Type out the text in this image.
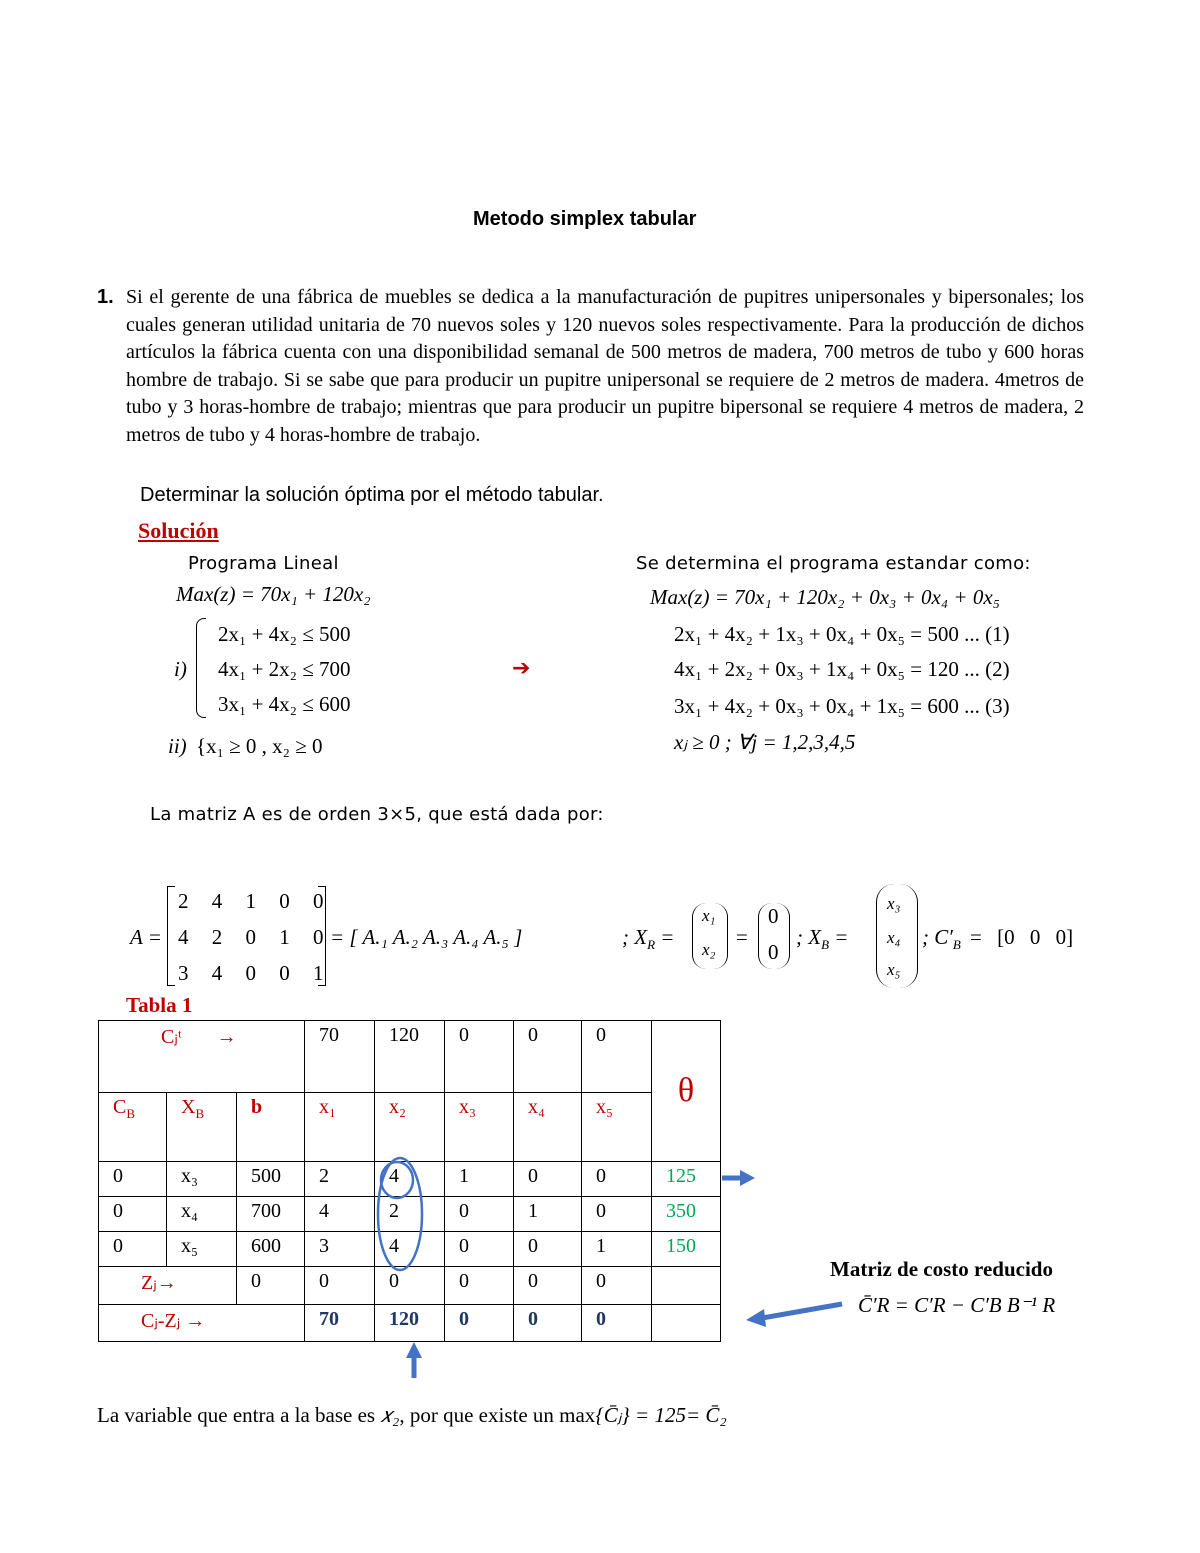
Metodo simplex tabular
1. Si el gerente de una fábrica de muebles se dedica a la manufacturación de pupitres unipersonales y bipersonales; los cuales generan utilidad unitaria de 70 nuevos soles y 120 nuevos soles respectivamente. Para la producción de dichos artículos la fábrica cuenta con una disponibilidad semanal de 500 metros de madera, 700 metros de tubo y 600 horas hombre de trabajo. Si se sabe que para producir un pupitre unipersonal se requiere de 2 metros de madera. 4metros de tubo y 3 horas-hombre de trabajo; mientras que para producir un pupitre bipersonal se requiere 4 metros de madera, 2 metros de tubo y 4 horas-hombre de trabajo.
Determinar la solución óptima por el método tabular.
Solución
Programa Lineal
Max(z) = 70x₁ + 120x₂
i)
2x₁ + 4x₂ ≤ 500
4x₁ + 2x₂ ≤ 700
3x₁ + 4x₂ ≤ 600
ii) {x₁ ≥ 0 , x₂ ≥ 0
➔
Se determina el programa estandar como:
Max(z) = 70x₁ + 120x₂ + 0x₃ + 0x₄ + 0x₅
2x₁ + 4x₂ + 1x₃ + 0x₄ + 0x₅ = 500 ... (1)
4x₁ + 2x₂ + 0x₃ + 1x₄ + 0x₅ = 120 ... (2)
3x₁ + 4x₂ + 0x₃ + 0x₄ + 1x₅ = 600 ... (3)
xⱼ ≥ 0 ; ∀j = 1,2,3,4,5
La matriz A es de orden 3×5, que está dada por:
A =
2 4 1 0 0
4 2 0 1 0
3 4 0 0 1
= [ A.₁ A.₂ A.₃ A.₄ A.₅ ]	; $X_R$ =
x₁
x₂
=
0
0
; $X_B$ =
x₃
x₄
x₅
; $C'_B = [0$ 0 0]
Tabla 1
Cⱼᵗ       →			70	120	0	0	0	θ
$C_B$	$X_B$	b	x₁	x₂	x₃	x₄	x₅	
0	x₃	500	2	4	1	0	0	125
0	x₄	700	4	2	0	1	0	350
0	x₅	600	3	4	0	0	1	150
Zⱼ→		0	0	0	0	0	0	
Cⱼ-Zⱼ →			70	120	0	0	0	
Matriz de costo reducido
C̄′R = C′R − C′B B⁻¹ R
La variable que entra a la base es 𝑥₂, por que existe un max{C̄ⱼ} = 125= C̄₂
